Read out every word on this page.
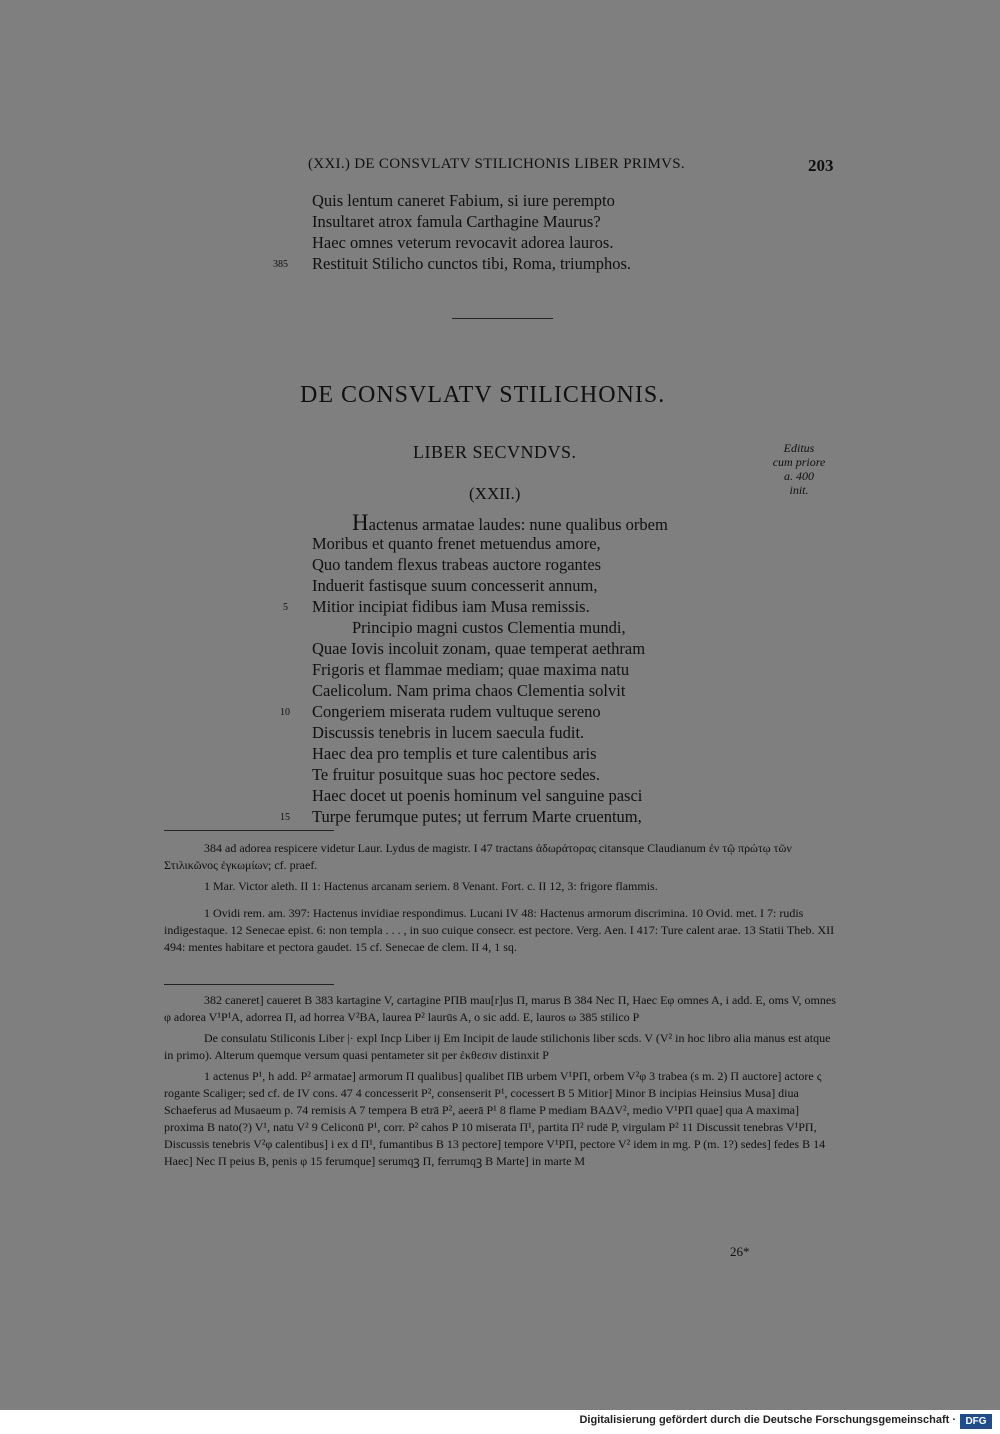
(XXI.) DE CONSVLATV STILICHONIS LIBER PRIMVS.	203
Quis lentum caneret Fabium, si iure perempto
Insultaret atrox famula Carthagine Maurus?
Haec omnes veterum revocavit adorea lauros.
Restituit Stilicho cunctos tibi, Roma, triumphos.
385
DE CONSVLATV STILICHONIS.
LIBER SECVNDVS.
(XXII.)
Editus
cum priore
a. 400
init.
Hactenus armatae laudes: nune qualibus orbem
Moribus et quanto frenet metuendus amore,
Quo tandem flexus trabeas auctore rogantes
Induerit fastisque suum concesserit annum,
Mitior incipiat fidibus iam Musa remissis.
Principio magni custos Clementia mundi,
Quae Iovis incoluit zonam, quae temperat aethram
Frigoris et flammae mediam; quae maxima natu
Caelicolum. Nam prima chaos Clementia solvit
Congeriem miserata rudem vultuque sereno
Discussis tenebris in lucem saecula fudit.
Haec dea pro templis et ture calentibus aris
Te fruitur posuitque suas hoc pectore sedes.
Haec docet ut poenis hominum vel sanguine pasci
Turpe ferumque putes; ut ferrum Marte cruentum,

384 ad adorea respicere videtur Laur. Lydus de magistr. I 47 tractans ἀδωράτορας citansque Claudianum ἐν τῷ πρώτῳ τῶν Στιλικῶνος ἐγκωμίων; cf. praef.

1 Mar. Victor aleth. II 1: Hactenus arcanam seriem. 8 Venant. Fort. c. II 12, 3: frigore flammis.

1 Ovidi rem. am. 397: Hactenus invidiae respondimus. Lucani IV 48: Hactenus armorum discrimina. 10 Ovid. met. I 7: rudis indigestaque. 12 Senecae epist. 6: non templa . . . , in suo cuique consecr. est pectore. Verg. Aen. I 417: Ture calent arae. 13 Statii Theb. XII 494: mentes habitare et pectora gaudet. 15 cf. Senecae de clem. II 4, 1 sq.

382 caneret] caueret B 383 kartagine V, cartagine PΠB mau[r]us Π, marus B 384 Nec Π, Haec Eφ omnes A, i add. E, oms V, omnes φ adorea V¹P¹A, adorrea Π, ad horrea V²BA, laurea P² laurūs A, o sic add. E, lauros ω 385 stilico P

De consulatu Stiliconis Liber |· expl Incp Liber ij Em Incipit de laude stilichonis liber scds. V (V² in hoc libro alia manus est atque in primo). Alterum quemque versum quasi pentameter sit per ἐκθεσιν distinxit P

1 actenus P¹, h add. P² armatae] armorum Π qualibus] qualibet ΠB urbem V¹PΠ, orbem V²φ 3 trabea (s m. 2) Π auctore] actore ς rogante Scaliger; sed cf. de IV cons. 47 4 concesserit P², consenserit P¹, cocessert B 5 Mitior] Minor B incipias Heinsius Musa] diua Schaeferus ad Musaeum p. 74 remisis A 7 tempera B etrā P², aeerā P¹ 8 flame P mediam BAΔV², medio V¹PΠ quae] qua A maxima] proxima B nato(?) V¹, natu V² 9 Celiconū P¹, corr. P² cahos P 10 miserata Π¹, partita Π² rudē P, virgulam P² 11 Discussit tenebras V¹PΠ, Discussis tenebris V²φ calentibus] i ex d Π¹, fumantibus B 13 pectore] tempore V¹PΠ, pectore V² idem in mg. P (m. 1?) sedes] fedes B 14 Haec] Nec Π peius B, penis φ 15 ferumque] serumqꝫ Π, ferrumqꝫ B Marte] in marte M

26*
5
10
15
Digitalisierung gefördert durch die Deutsche Forschungsgemeinschaft · DFG
